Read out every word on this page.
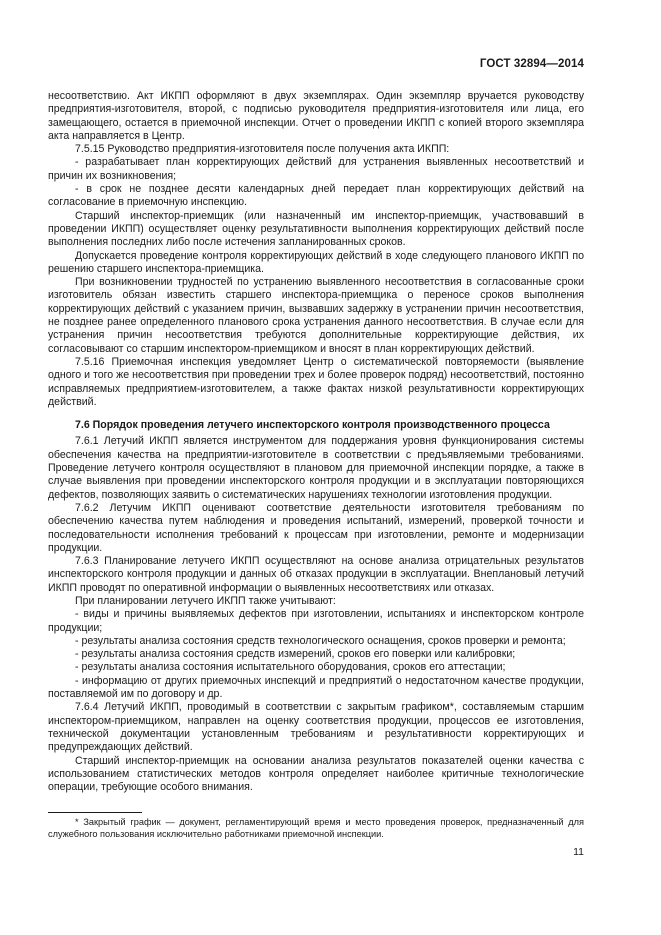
ГОСТ 32894—2014

несоответствию. Акт ИКПП оформляют в двух экземплярах. Один экземпляр вручается руководству предприятия-изготовителя, второй, с подписью руководителя предприятия-изготовителя или лица, его замещающего, остается в приемочной инспекции. Отчет о проведении ИКПП с копией второго экземпляра акта направляется в Центр.

7.5.15 Руководство предприятия-изготовителя после получения акта ИКПП:

- разрабатывает план корректирующих действий для устранения выявленных несоответствий и причин их возникновения;

- в срок не позднее десяти календарных дней передает план корректирующих действий на согласование в приемочную инспекцию.

Старший инспектор-приемщик (или назначенный им инспектор-приемщик, участвовавший в проведении ИКПП) осуществляет оценку результативности выполнения корректирующих действий после выполнения последних либо после истечения запланированных сроков.

Допускается проведение контроля корректирующих действий в ходе следующего планового ИКПП по решению старшего инспектора-приемщика.

При возникновении трудностей по устранению выявленного несоответствия в согласованные сроки изготовитель обязан известить старшего инспектора-приемщика о переносе сроков выполнения корректирующих действий с указанием причин, вызвавших задержку в устранении причин несоответствия, не позднее ранее определенного планового срока устранения данного несоответствия. В случае если для устранения причин несоответствия требуются дополнительные корректирующие действия, их согласовывают со старшим инспектором-приемщиком и вносят в план корректирующих действий.

7.5.16 Приемочная инспекция уведомляет Центр о систематической повторяемости (выявление одного и того же несоответствия при проведении трех и более проверок подряд) несоответствий, постоянно исправляемых предприятием-изготовителем, а также фактах низкой результативности корректирующих действий.

7.6 Порядок проведения летучего инспекторского контроля производственного процесса

7.6.1 Летучий ИКПП является инструментом для поддержания уровня функционирования системы обеспечения качества на предприятии-изготовителе в соответствии с предъявляемыми требованиями. Проведение летучего контроля осуществляют в плановом для приемочной инспекции порядке, а также в случае выявления при проведении инспекторского контроля продукции и в эксплуатации повторяющихся дефектов, позволяющих заявить о систематических нарушениях технологии изготовления продукции.

7.6.2 Летучим ИКПП оценивают соответствие деятельности изготовителя требованиям по обеспечению качества путем наблюдения и проведения испытаний, измерений, проверкой точности и последовательности исполнения требований к процессам при изготовлении, ремонте и модернизации продукции.

7.6.3 Планирование летучего ИКПП осуществляют на основе анализа отрицательных результатов инспекторского контроля продукции и данных об отказах продукции в эксплуатации. Внеплановый летучий ИКПП проводят по оперативной информации о выявленных несоответствиях или отказах.

При планировании летучего ИКПП также учитывают:

- виды и причины выявляемых дефектов при изготовлении, испытаниях и инспекторском контроле продукции;

- результаты анализа состояния средств технологического оснащения, сроков проверки и ремонта;

- результаты анализа состояния средств измерений, сроков его поверки или калибровки;

- результаты анализа состояния испытательного оборудования, сроков его аттестации;

- информацию от других приемочных инспекций и предприятий о недостаточном качестве продукции, поставляемой им по договору и др.

7.6.4 Летучий ИКПП, проводимый в соответствии с закрытым графиком*, составляемым старшим инспектором-приемщиком, направлен на оценку соответствия продукции, процессов ее изготовления, технической документации установленным требованиям и результативности корректирующих и предупреждающих действий.

Старший инспектор-приемщик на основании анализа результатов показателей оценки качества с использованием статистических методов контроля определяет наиболее критичные технологические операции, требующие особого внимания.

* Закрытый график — документ, регламентирующий время и место проведения проверок, предназначенный для служебного пользования исключительно работниками приемочной инспекции.

11
